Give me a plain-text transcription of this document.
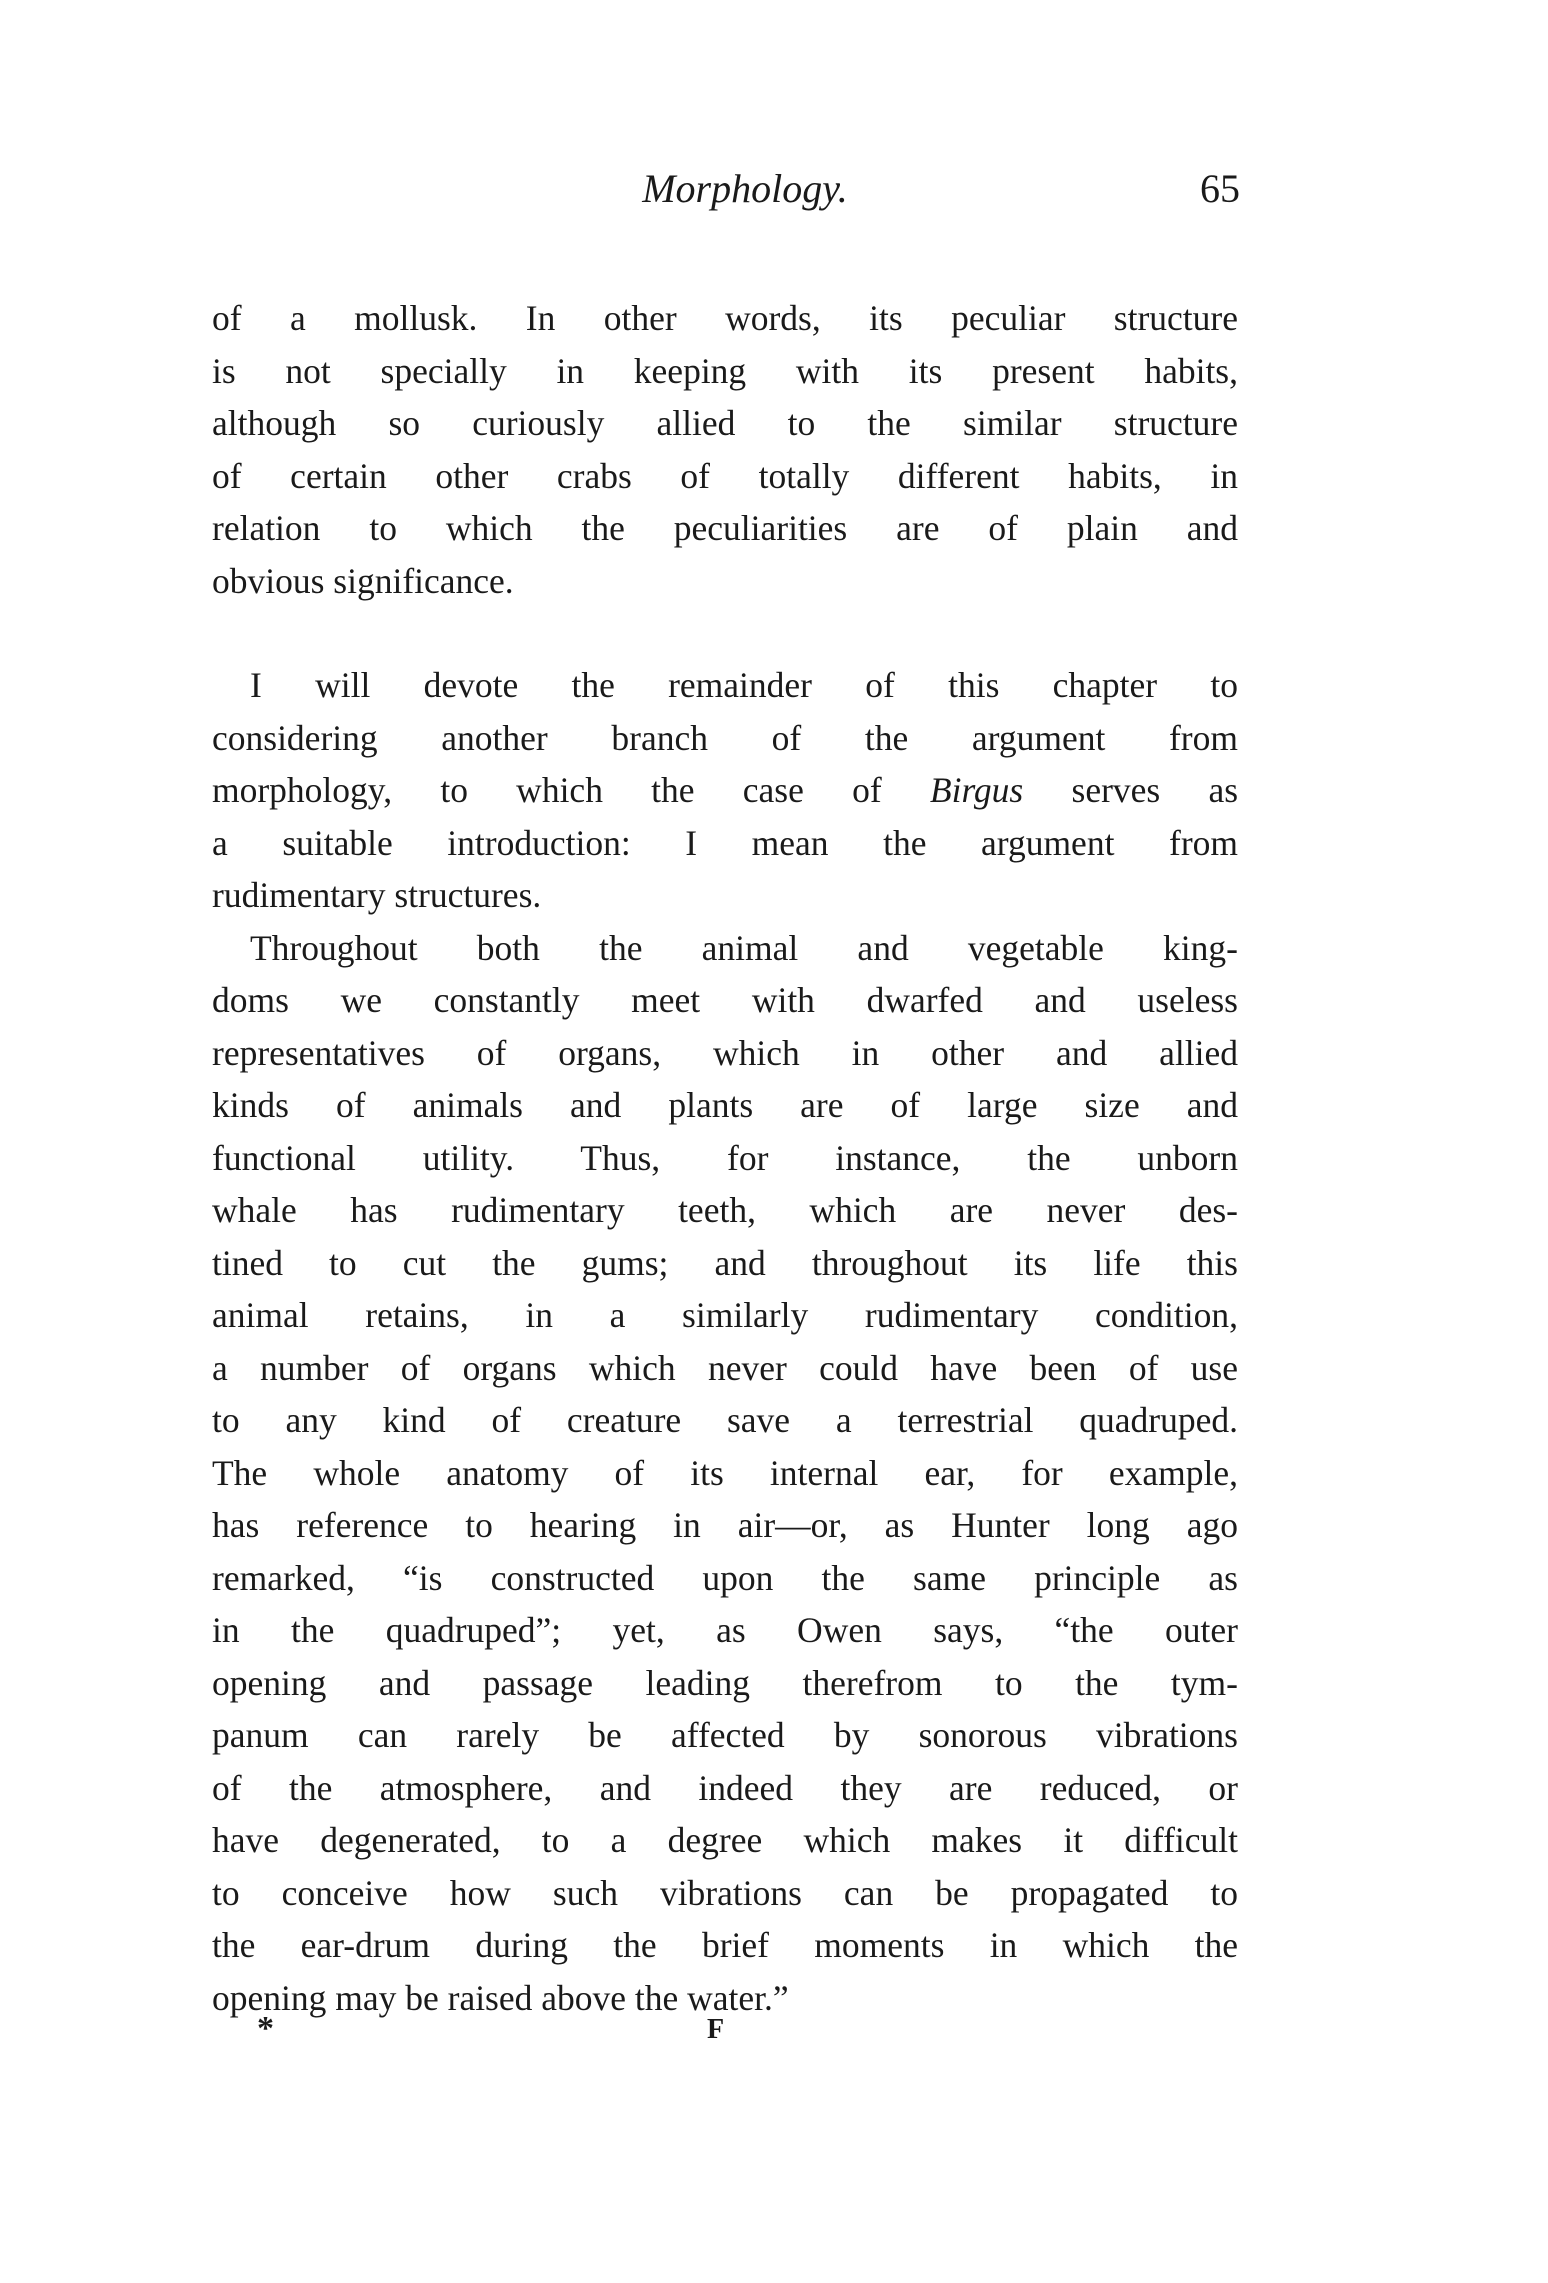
Morphology.	65
of a mollusk. In other words, its peculiar structure
is not specially in keeping with its present habits,
although so curiously allied to the similar structure
of certain other crabs of totally different habits, in
relation to which the peculiarities are of plain and
obvious significance.
I will devote the remainder of this chapter to
considering another branch of the argument from
morphology, to which the case of Birgus serves as
a suitable introduction: I mean the argument from
rudimentary structures.
Throughout both the animal and vegetable king-
doms we constantly meet with dwarfed and useless
representatives of organs, which in other and allied
kinds of animals and plants are of large size and
functional utility. Thus, for instance, the unborn
whale has rudimentary teeth, which are never des-
tined to cut the gums; and throughout its life this
animal retains, in a similarly rudimentary condition,
a number of organs which never could have been of use
to any kind of creature save a terrestrial quadruped.
The whole anatomy of its internal ear, for example,
has reference to hearing in air—or, as Hunter long ago
remarked, “is constructed upon the same principle as
in the quadruped”; yet, as Owen says, “the outer
opening and passage leading therefrom to the tym-
panum can rarely be affected by sonorous vibrations
of the atmosphere, and indeed they are reduced, or
have degenerated, to a degree which makes it difficult
to conceive how such vibrations can be propagated to
the ear-drum during the brief moments in which the
opening may be raised above the water.”
*	F
